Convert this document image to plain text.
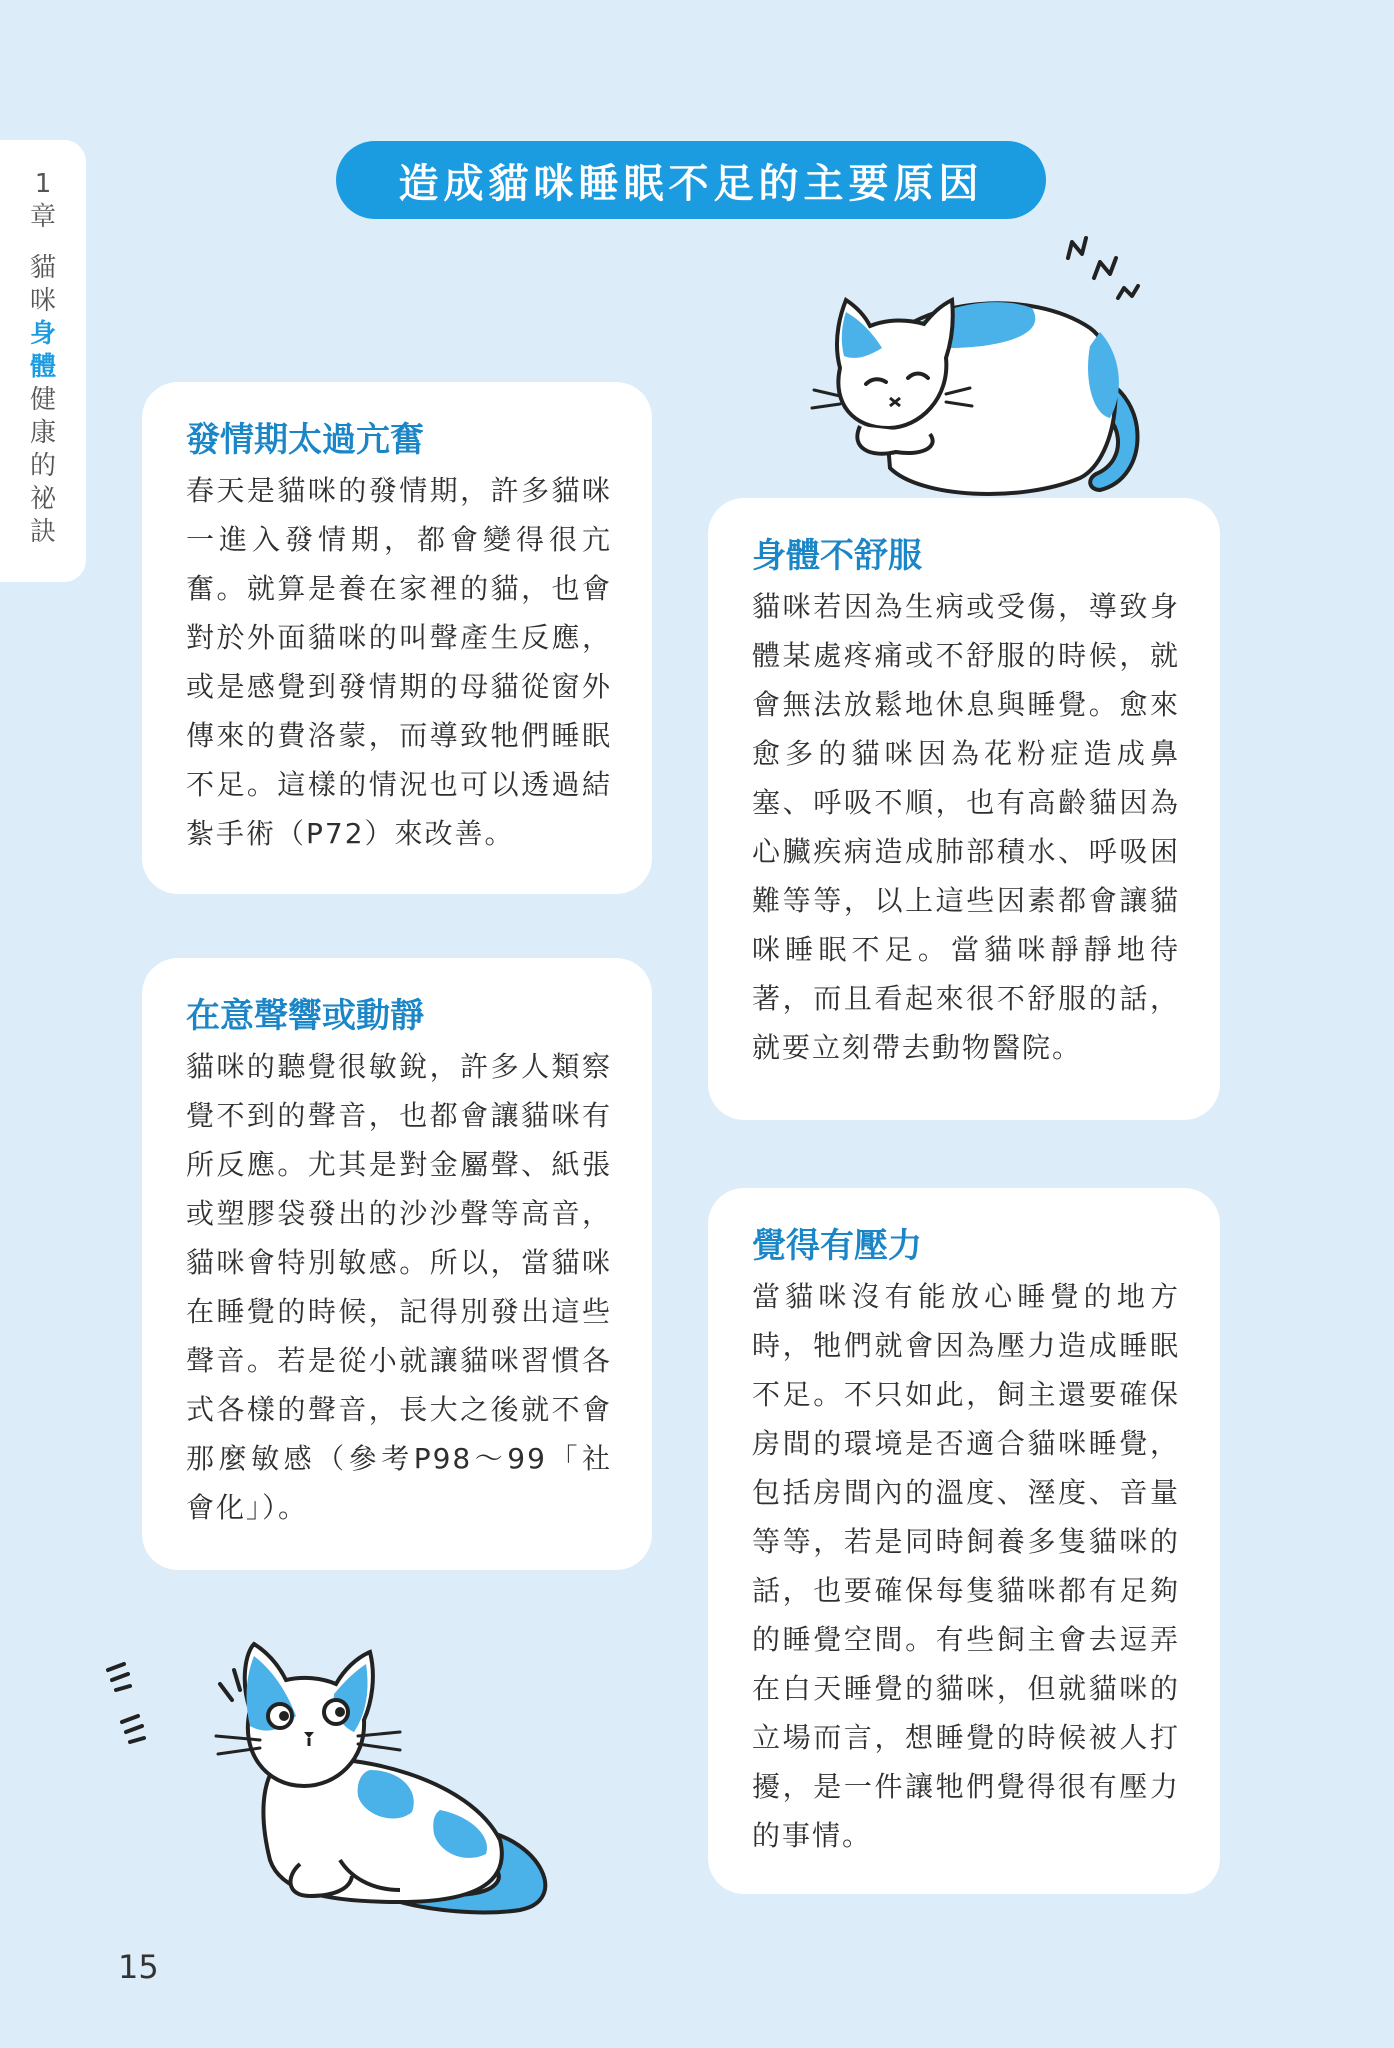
1
章
貓
咪
身
體
健
康
的
祕
訣
造成貓咪睡眠不足的主要原因
發情期太過亢奮

春天是貓咪的發情期，許多貓咪一進入發情期，都會變得很亢奮。就算是養在家裡的貓，也會對於外面貓咪的叫聲產生反應，或是感覺到發情期的母貓從窗外傳來的費洛蒙，而導致牠們睡眠不足。這樣的情況也可以透過結紮手術（P72）來改善。

在意聲響或動靜

貓咪的聽覺很敏銳，許多人類察覺不到的聲音，也都會讓貓咪有所反應。尤其是對金屬聲、紙張或塑膠袋發出的沙沙聲等高音，貓咪會特別敏感。所以，當貓咪在睡覺的時候，記得別發出這些聲音。若是從小就讓貓咪習慣各式各樣的聲音，長大之後就不會那麼敏感（參考P98～99「社會化」）。

身體不舒服

貓咪若因為生病或受傷，導致身體某處疼痛或不舒服的時候，就會無法放鬆地休息與睡覺。愈來愈多的貓咪因為花粉症造成鼻塞、呼吸不順，也有高齡貓因為心臟疾病造成肺部積水、呼吸困難等等，以上這些因素都會讓貓咪睡眠不足。當貓咪靜靜地待著，而且看起來很不舒服的話，就要立刻帶去動物醫院。

覺得有壓力

當貓咪沒有能放心睡覺的地方時，牠們就會因為壓力造成睡眠不足。不只如此，飼主還要確保房間的環境是否適合貓咪睡覺，包括房間內的溫度、溼度、音量等等，若是同時飼養多隻貓咪的話，也要確保每隻貓咪都有足夠的睡覺空間。有些飼主會去逗弄在白天睡覺的貓咪，但就貓咪的立場而言，想睡覺的時候被人打擾，是一件讓牠們覺得很有壓力的事情。

15
